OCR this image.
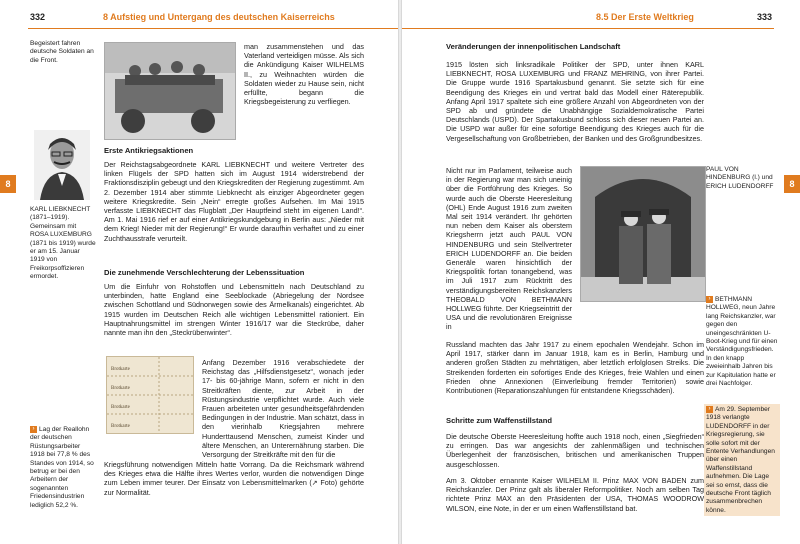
332	8 Aufstieg und Untergang des deutschen Kaiserreichs
8
Begeistert fahren deutsche Soldaten an die Front.
man zusammenstehen und das Vaterland verteidigen müsse. Als sich die Ankündigung Kaiser WILHELMS II., zu Weihnachten würden die Soldaten wieder zu Hause sein, nicht erfüllte, begann die Kriegsbegeisterung zu verfliegen.
Erste Antikriegsaktionen
Der Reichstagsabgeordnete KARL LIEBKNECHT und weitere Vertreter des linken Flügels der SPD hatten sich im August 1914 widerstrebend der Fraktionsdisziplin gebeugt und den Kriegskrediten der Regierung zugestimmt. Am 2. Dezember 1914 aber stimmte Liebknecht als einziger Abgeordneter gegen weitere Kriegskredite. Sein „Nein“ erregte großes Aufsehen. Im Mai 1915 verfasste LIEBKNECHT das Flugblatt „Der Hauptfeind steht im eigenen Land!“. Am 1. Mai 1916 rief er auf einer Antikriegskundgebung in Berlin aus: „Nieder mit dem Krieg! Nieder mit der Regierung!“ Er wurde daraufhin verhaftet und zu einer Zuchthausstrafe verurteilt.
KARL LIEBKNECHT (1871–1919). Gemeinsam mit ROSA LUXEMBURG (1871 bis 1919) wurde er am 15. Januar 1919 von Freikorpsoffizieren ermordet.	Die zunehmende Verschlechterung der Lebenssituation
Um die Einfuhr von Rohstoffen und Lebensmitteln nach Deutschland zu unterbinden, hatte England eine Seeblockade (Abriegelung der Nordsee zwischen Schottland und Südnorwegen sowie des Ärmelkanals) eingerichtet. Ab 1915 wurden im Deutschen Reich alle wichtigen Lebensmittel rationiert. Ein Hauptnahrungsmittel im strengen Winter 1916/17 war die Steckrübe, daher nannte man ihn den „Steckrübenwinter“.
Brotkarte
Brotkarte
Brotkarte
Brotkarte
Anfang Dezember 1916 verabschiedete der Reichstag das „Hilfsdienstgesetz“, wonach jeder 17- bis 60-jährige Mann, sofern er nicht in den Streitkräften diente, zur Arbeit in der Rüstungsindustrie verpflichtet wurde. Auch viele Frauen arbeiteten unter gesundheitsgefährdenden Bedingungen in der Industrie. Man schätzt, dass in den vierinhalb Kriegsjahren mehrere Hunderttausend Menschen, zumeist Kinder und ältere Menschen, an Unterernährung starben. Die Versorgung der Streitkräfte mit den für die
Kriegsführung notwendigen Mitteln hatte Vorrang. Da die Reichsmark während des Krieges etwa die Hälfte ihres Wertes verlor, wurden die notwendigen Dinge zum Leben immer teurer. Der Einsatz von Lebensmittelmarken (↗ Foto) gehörte zur Normalität.
› Lag der Reallohn der deutschen Rüstungsarbeiter 1918 bei 77,8 % des Standes von 1914, so betrug er bei den Arbeitern der sogenannten Friedensindustrien lediglich 52,2 %.
8.5 Der Erste Weltkrieg	333
8
Veränderungen der innenpolitischen Landschaft
1915 lösten sich linksradikale Politiker der SPD, unter ihnen KARL LIEBKNECHT, ROSA LUXEMBURG und FRANZ MEHRING, von ihrer Partei. Die Gruppe wurde 1916 Spartakusbund genannt. Sie setzte sich für eine Beendigung des Krieges ein und vertrat bald das Modell einer Räterepublik. Anfang April 1917 spaltete sich eine größere Anzahl von Abgeordneten von der SPD ab und gründete die Unabhängige Sozialdemokratische Partei Deutschlands (USPD). Der Spartakusbund schloss sich dieser neuen Partei an. Die USPD war außer für eine sofortige Beendigung des Krieges auch für die Vergesellschaftung von Großbetrieben, der Banken und des Großgrundbesitzes.
Nicht nur im Parlament, teilweise auch in der Regierung war man sich uneinig über die Fortführung des Krieges. So wurde auch die Oberste Heeresleitung (OHL) Ende August 1916 zum zweiten Mal seit 1914 verändert. Ihr gehörten nun neben dem Kaiser als oberstem Kriegsherrn jetzt auch PAUL VON HINDENBURG und sein Stellvertreter ERICH LUDENDORFF an. Die beiden Generäle waren hinsichtlich der Kriegspolitik fortan tonangebend, was im Juli 1917 zum Rücktritt des verständigungsbereiten Reichskanzlers THEOBALD VON BETHMANN HOLLWEG führte. Der Kriegseintritt der USA und die revolutionären Ereignisse in
Russland machten das Jahr 1917 zu einem epochalen Wendejahr. Schon im April 1917, stärker dann im Januar 1918, kam es in Berlin, Hamburg und anderen großen Städten zu mehrtätigen, aber letztlich erfolglosen Streiks. Die Streikenden forderten ein sofortiges Ende des Krieges, freie Wahlen und einen Frieden ohne Annexionen (Einverleibung fremder Territorien) sowie Kontributionen (Reparationszahlungen für entstandene Kriegsschäden).
Schritte zum Waffenstillstand
Die deutsche Oberste Heeresleitung hoffte auch 1918 noch, einen „Siegfrieden“ zu erringen. Das war angesichts der zahlenmäßigen und technischen Überlegenheit der französischen, britischen und amerikanischen Truppen ausgeschlossen.
Am 3. Oktober ernannte Kaiser WILHELM II. Prinz MAX VON BADEN zum Reichskanzler. Der Prinz galt als liberaler Reformpolitiker. Noch am selben Tag richtete Prinz MAX an den Präsidenten der USA, THOMAS WOODROW WILSON, eine Note, in der er um einen Waffenstillstand bat.
PAUL VON HINDENBURG (l.) und ERICH LUDENDORFF
› BETHMANN HOLLWEG, neun Jahre lang Reichskanzler, war gegen den uneingeschränkten U-Boot-Krieg und für einen Verständigungsfrieden. In den knapp zweieinhalb Jahren bis zur Kapitulation hatte er drei Nachfolger.
› Am 29. September 1918 verlangte LUDENDORFF in der Kriegsregierung, sie solle sofort mit der Entente Verhandlungen über einen Waffenstillstand aufnehmen. Die Lage sei so ernst, dass die deutsche Front täglich zusammenbrechen könne.
